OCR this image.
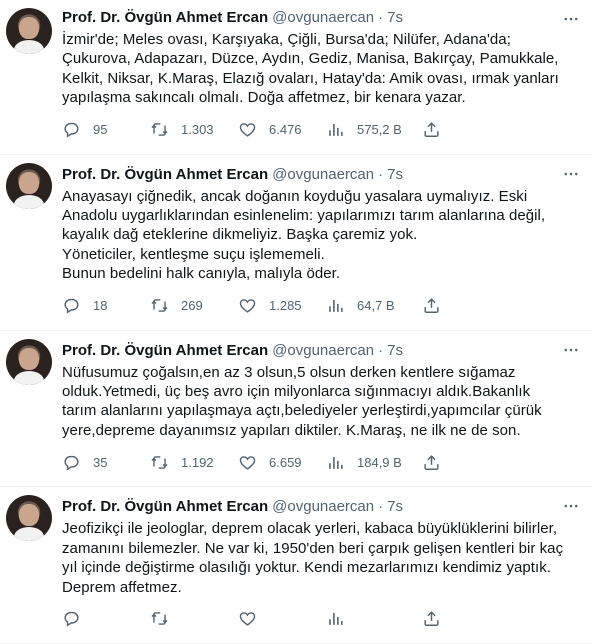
Prof. Dr. Övgün Ahmet Ercan @ovgunaercan · 7s
İzmir'de; Meles ovası, Karşıyaka, Çiğli, Bursa'da; Nilüfer, Adana'da;
Çukurova, Adapazarı, Düzce, Aydın, Gediz, Manisa, Bakırçay, Pamukkale,
Kelkit, Niksar, K.Maraş, Elazığ ovaları, Hatay'da: Amik ovası, ırmak yanları
yapılaşma sakıncalı olmalı. Doğa affetmez, bir kenara yazar.
95	1.303	6.476	575,2 B
Prof. Dr. Övgün Ahmet Ercan @ovgunaercan · 7s
Anayasayı çiğnedik, ancak doğanın koyduğu yasalara uymalıyız. Eski
Anadolu uygarlıklarından esinlenelim: yapılarımızı tarım alanlarına değil,
kayalık dağ eteklerine dikmeliyiz. Başka çaremiz yok.
Yöneticiler, kentleşme suçu işlememeli.
Bunun bedelini halk canıyla, malıyla öder.
18	269	1.285	64,7 B
Prof. Dr. Övgün Ahmet Ercan @ovgunaercan · 7s
Nüfusumuz çoğalsın,en az 3 olsun,5 olsun derken kentlere sığamaz
olduk.Yetmedi, üç beş avro için milyonlarca sığınmacıyı aldık.Bakanlık
tarım alanlarını yapılaşmaya açtı,belediyeler yerleştirdi,yapımcılar çürük
yere,depreme dayanımsız yapıları diktiler. K.Maraş, ne ilk ne de son.
35	1.192	6.659	184,9 B
Prof. Dr. Övgün Ahmet Ercan @ovgunaercan · 7s
Jeofizikçi ile jeologlar, deprem olacak yerleri, kabaca büyüklüklerini bilirler,
zamanını bilemezler. Ne var ki, 1950'den beri çarpık gelişen kentleri bir kaç
yıl içinde değiştirme olasılığı yoktur. Kendi mezarlarımızı kendimiz yaptık.
Deprem affetmez.
